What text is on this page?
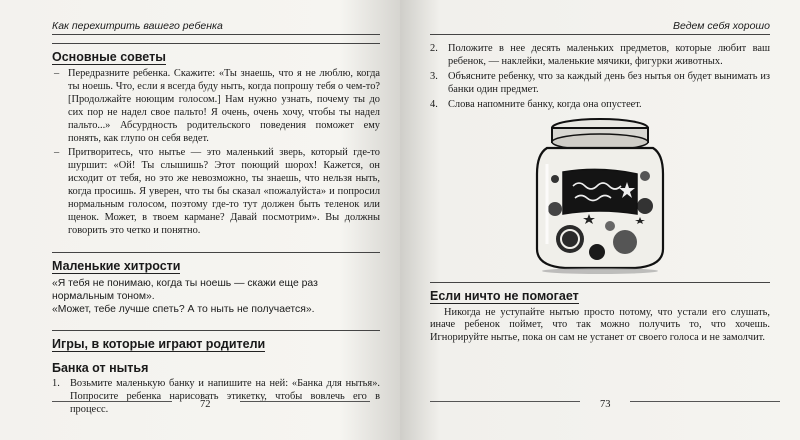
Как перехитрить вашего ребенка
Основные советы
– Передразните ребенка. Скажите: «Ты знаешь, что я не люблю, когда ты ноешь. Что, если я всегда буду ныть, когда попрошу тебя о чем-то? [Продолжайте ноющим голосом.] Нам нужно узнать, почему ты до сих пор не надел свое пальто! Я очень, очень хочу, чтобы ты надел пальто...» Абсурдность родительского поведения поможет ему понять, как глупо он себя ведет.
– Притворитесь, что нытье — это маленький зверь, который где-то шуршит: «Ой! Ты слышишь? Этот поющий шорох! Кажется, он исходит от тебя, но это же невозможно, ты знаешь, что нельзя ныть, когда просишь. Я уверен, что ты бы сказал «пожалуйста» и попросил нормальным голосом, поэтому где-то тут должен быть теленок или щенок. Может, в твоем кармане? Давай посмотрим». Вы должны говорить это четко и понятно.
Маленькие хитрости
«Я тебя не понимаю, когда ты ноешь — скажи еще раз нормальным тоном».
«Может, тебе лучше спеть? А то ныть не получается».
Игры, в которые играют родители
Банка от нытья
1. Возьмите маленькую банку и напишите на ней: «Банка для нытья». Попросите ребенка нарисовать этикетку, чтобы вовлечь его в процесс.	72
Ведем себя хорошо
2. Положите в нее десять маленьких предметов, которые любит ваш ребенок, — наклейки, маленькие мячики, фигурки животных.
3. Объясните ребенку, что за каждый день без нытья он будет вынимать из банки один предмет.
4. Слова напомните банку, когда она опустеет.
Если ничто не помогает

Никогда не уступайте нытью просто потому, что устали его слушать, иначе ребенок поймет, что так можно получить то, что хочешь. Игнорируйте нытье, пока он сам не устанет от своего голоса и не замолчит.

73
